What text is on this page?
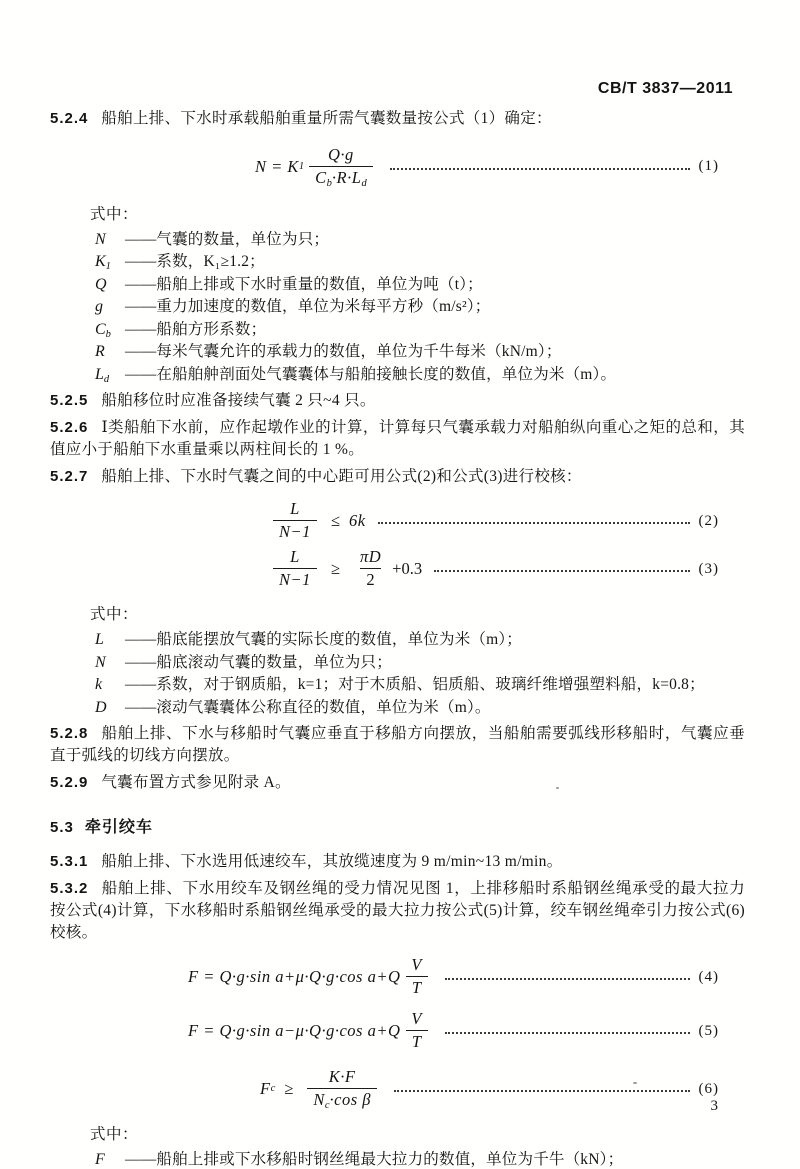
CB/T 3837—2011

5.2.4 船舶上排、下水时承载船舶重量所需气囊数量按公式（1）确定：

N = K $1 \frac{Q\cdot g}{C_b\cdot R\cdot L_d}$	(1)

式中：

N	——气囊的数量，单位为只；
$K_1$ ——系数，K₁≥1.2；
Q	——船舶上排或下水时重量的数值，单位为吨（t）；
g	——重力加速度的数值，单位为米每平方秒（m/s²）；
$C_b$ ——船舶方形系数；
R	——每米气囊允许的承载力的数值，单位为千牛每米（kN/m）；
$L_d$	——在船舶舯剖面处气囊囊体与船舶接触长度的数值，单位为米（m）。

5.2.5 船舶移位时应准备接续气囊 2 只~4 只。

5.2.6 Ⅰ类船舶下水前，应作起墩作业的计算，计算每只气囊承载力对船舶纵向重心之矩的总和，其值应小于船舶下水重量乘以两柱间长的 1 %。

5.2.7 船舶上排、下水时气囊之间的中心距可用公式(2)和公式(3)进行校核：

$\frac{L}{N-1} \le 6k$	(2)
$\frac{L}{N-1} \ge \frac{\pi D}{2} +0.3$	(3)

式中：

L	——船底能摆放气囊的实际长度的数值，单位为米（m）；
N	——船底滚动气囊的数量，单位为只；
k	——系数，对于钢质船，k=1；对于木质船、铝质船、玻璃纤维增强塑料船，k=0.8；
D	——滚动气囊囊体公称直径的数值，单位为米（m）。

5.2.8 船舶上排、下水与移船时气囊应垂直于移船方向摆放，当船舶需要弧线形移船时，气囊应垂直于弧线的切线方向摆放。

5.2.9 气囊布置方式参见附录 A。

5.3 牵引绞车

5.3.1 船舶上排、下水选用低速绞车，其放缆速度为 9 m/min~13 m/min。

5.3.2 船舶上排、下水用绞车及钢丝绳的受力情况见图 1，上排移船时系船钢丝绳承受的最大拉力按公式(4)计算，下水移船时系船钢丝绳承受的最大拉力按公式(5)计算，绞车钢丝绳牵引力按公式(6)校核。

F = Q·g·sin a+μ·Q·g·cos $a+Q \frac{V}{T}$	(4)
F = Q·g·sin a−μ·Q·g·cos $a+Q \frac{V}{T}$	(5)
F $c \ge \frac{K\cdot F}{N_c\cdot\cos \beta}$	(6)

式中：

F	——船舶上排或下水移船时钢丝绳最大拉力的数值，单位为千牛（kN）；
3
